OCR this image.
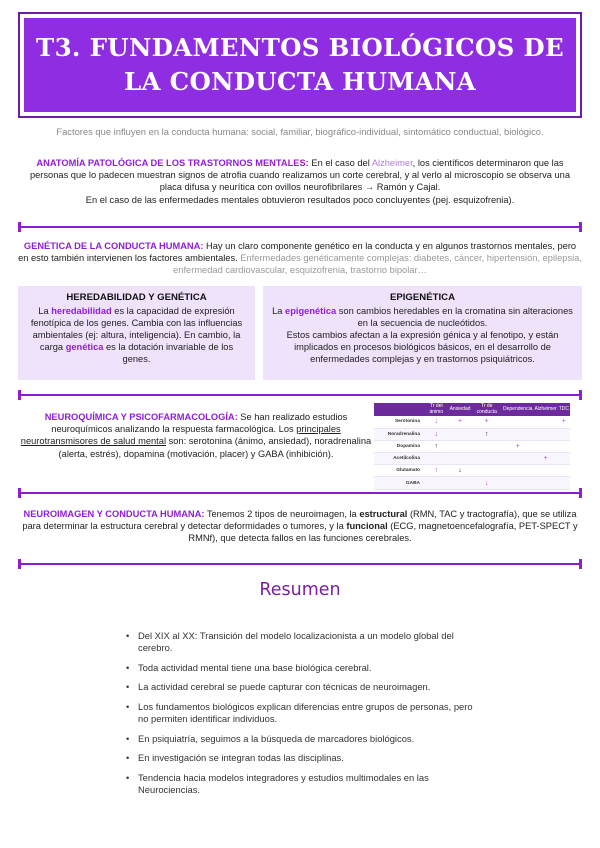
T3. FUNDAMENTOS BIOLÓGICOS DE LA CONDUCTA HUMANA
Factores que influyen en la conducta humana: social, familiar, biográfico-individual, sintomático conductual, biológico.
ANATOMÍA PATOLÓGICA DE LOS TRASTORNOS MENTALES: En el caso del Alzheimer, los científicos determinaron que las personas que lo padecen muestran signos de atrofia cuando realizamos un corte cerebral, y al verlo al microscopio se observa una placa difusa y neurítica con ovillos neurofibrilares → Ramón y Cajal.
En el caso de las enfermedades mentales obtuvieron resultados poco concluyentes (pej. esquizofrenia).
GENÉTICA DE LA CONDUCTA HUMANA: Hay un claro componente genético en la conducta y en algunos trastornos mentales, pero en esto también intervienen los factores ambientales. Enfermedades genéticamente complejas: diabetes, cáncer, hipertensión, epilepsia, enfermedad cardiovascular, esquizofrenia, trastorno bipolar…
HEREDABILIDAD Y GENÉTICA
La heredabilidad es la capacidad de expresión fenotípica de los genes. Cambia con las influencias ambientales (ej: altura, inteligencia). En cambio, la carga genética es la dotación invariable de los genes.
EPIGENÉTICA
La epigenética son cambios heredables en la cromatina sin alteraciones en la secuencia de nucleótidos.
Estos cambios afectan a la expresión génica y al fenotipo, y están implicados en procesos biológicos básicos, en el desarrollo de enfermedades complejas y en trastornos psiquiátricos.
NEUROQUÍMICA Y PSICOFARMACOLOGÍA: Se han realizado estudios neuroquímicos analizando la respuesta farmacológica. Los principales neurotransmisores de salud mental son: serotonina (ánimo, ansiedad), noradrenalina (alerta, estrés), dopamina (motivación, placer) y GABA (inhibición).
	Tr del ánimo	Ansiedad	Tr de conducta	Dependencia	Alzheimer	TDC
Serotonina	↓	+	+			+
Noradrenalina	↓		↑			
Dopamina	↑			+		
Acetilcolina					+	
Glutamato	↑	↓				
GABA			↓			
NEUROIMAGEN Y CONDUCTA HUMANA: Tenemos 2 tipos de neuroimagen, la estructural (RMN, TAC y tractografía), que se utiliza para determinar la estructura cerebral y detectar deformidades o tumores, y la funcional (ECG, magnetoencefalografía, PET-SPECT y RMNf), que detecta fallos en las funciones cerebrales.
Resumen
• Del XIX al XX: Transición del modelo localizacionista a un modelo global del cerebro.
• Toda actividad mental tiene una base biológica cerebral.
• La actividad cerebral se puede capturar con técnicas de neuroimagen.
• Los fundamentos biológicos explican diferencias entre grupos de personas, pero no permiten identificar individuos.
• En psiquiatría, seguimos a la búsqueda de marcadores biológicos.
• En investigación se integran todas las disciplinas.
• Tendencia hacia modelos integradores y estudios multimodales en las Neurociencias.
